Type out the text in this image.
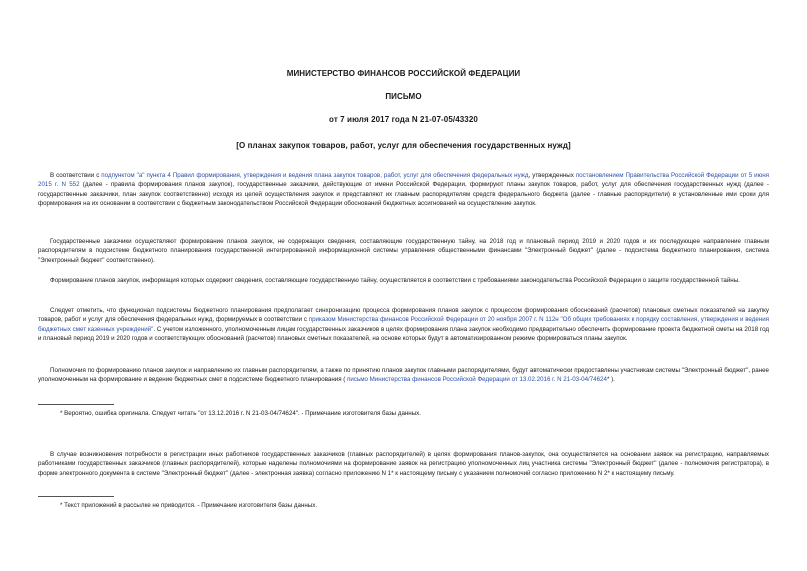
МИНИСТЕРСТВО ФИНАНСОВ РОССИЙСКОЙ ФЕДЕРАЦИИ
ПИСЬМО
от 7 июля 2017 года N 21-07-05/43320
[О планах закупок товаров, работ, услуг для обеспечения государственных нужд]
В соответствии с подпунктом "а" пункта 4 Правил формирования, утверждения и ведения плана закупок товаров, работ, услуг для обеспечения федеральных нужд, утвержденных постановлением Правительства Российской Федерации от 5 июня 2015 г. N 552 (далее - правила формирования планов закупок), государственные заказчики, действующие от имени Российской Федерации, формируют планы закупок товаров, работ, услуг для обеспечения государственных нужд (далее - государственные заказчики, план закупок соответственно) исходя из целей осуществления закупок и представляют их главным распорядителям средств федерального бюджета (далее - главные распорядители) в установленные ими сроки для формирования на их основании в соответствии с бюджетным законодательством Российской Федерации обоснований бюджетных ассигнований на осуществление закупок.
Государственные заказчики осуществляют формирование планов закупок, не содержащих сведения, составляющие государственную тайну, на 2018 год и плановый период 2019 и 2020 годов и их последующее направление главным распорядителям в подсистеме бюджетного планирования государственной интегрированной информационной системы управления общественными финансами "Электронный бюджет" (далее - подсистема бюджетного планирования, система "Электронный бюджет" соответственно).
Формирование планов закупок, информация которых содержит сведения, составляющие государственную тайну, осуществляется в соответствии с требованиями законодательства Российской Федерации о защите государственной тайны.
Следует отметить, что функционал подсистемы бюджетного планирования предполагает синхронизацию процесса формирования планов закупок с процессом формирования обоснований (расчетов) плановых сметных показателей на закупку товаров, работ и услуг для обеспечения федеральных нужд, формируемых в соответствии с приказом Министерства финансов Российской Федерации от 20 ноября 2007 г. N 112н "Об общих требованиях к порядку составления, утверждения и ведения бюджетных смет казенных учреждений". С учетом изложенного, уполномоченным лицам государственных заказчиков в целях формирования плана закупок необходимо предварительно обеспечить формирование проекта бюджетной сметы на 2018 год и плановый период 2019 и 2020 годов и соответствующих обоснований (расчетов) плановых сметных показателей, на основе которых будут в автоматизированном режиме формироваться планы закупок.
Полномочия по формированию планов закупок и направлению их главным распорядителям, а также по принятию планов закупок главными распорядителями, будут автоматически предоставлены участникам системы "Электронный бюджет", ранее уполномоченным на формирование и ведение бюджетных смет в подсистеме бюджетного планирования ( письмо Министерства финансов Российской Федерации от 13.02.2016 г. N 21-03-04/74624* ).
* Вероятно, ошибка оригинала. Следует читать "от 13.12.2016 г. N 21-03-04/74624". - Примечание изготовителя базы данных.
В случае возникновения потребности в регистрации иных работников государственных заказчиков (главных распорядителей) в целях формирования планов-закупок, она осуществляется на основании заявок на регистрацию, направляемых работниками государственных заказчиков (главных распорядителей), которые наделены полномочиями на формирование заявок на регистрацию уполномоченных лиц участника системы "Электронный бюджет" (далее - полномочия регистратора), в форме электронного документа в системе "Электронный бюджет" (далее - электронная заявка) согласно приложению N 1* к настоящему письму с указанием полномочий согласно приложению N 2* к настоящему письму.
* Текст приложений в рассылке не приводится. - Примечание изготовителя базы данных.
